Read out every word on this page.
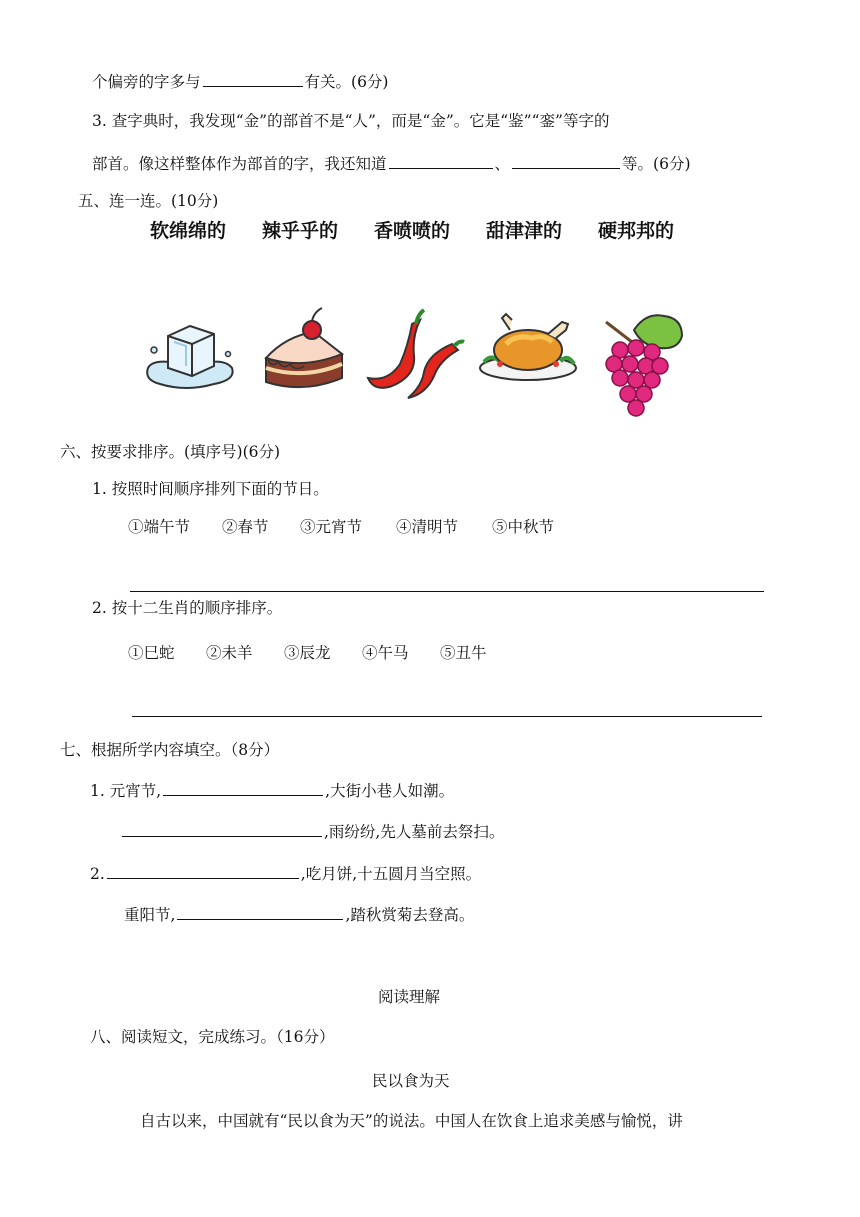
个偏旁的字多与	有关。(6分)
3. 查字典时，我发现“金”的部首不是“人”，而是“金”。它是“鉴”“銮”等字的
部首。像这样整体作为部首的字，我还知道	、	等。(6分)
五、连一连。(10分)
软绵绵的 辣乎乎的 香喷喷的 甜津津的 硬邦邦的
六、按要求排序。(填序号)(6分)
1. 按照时间顺序排列下面的节日。
①端午节 ②春节 ③元宵节 ④清明节 ⑤中秋节
2. 按十二生肖的顺序排序。
①巳蛇 ②未羊 ③辰龙 ④午马 ⑤丑牛
七、根据所学内容填空。（8分）
1. 元宵节,	,大街小巷人如潮。
,雨纷纷,先人墓前去祭扫。
2.	,吃月饼,十五圆月当空照。
重阳节,	,踏秋赏菊去登高。
阅读理解
八、阅读短文，完成练习。（16分）
民以食为天
自古以来，中国就有“民以食为天”的说法。中国人在饮食上追求美感与愉悦，讲
